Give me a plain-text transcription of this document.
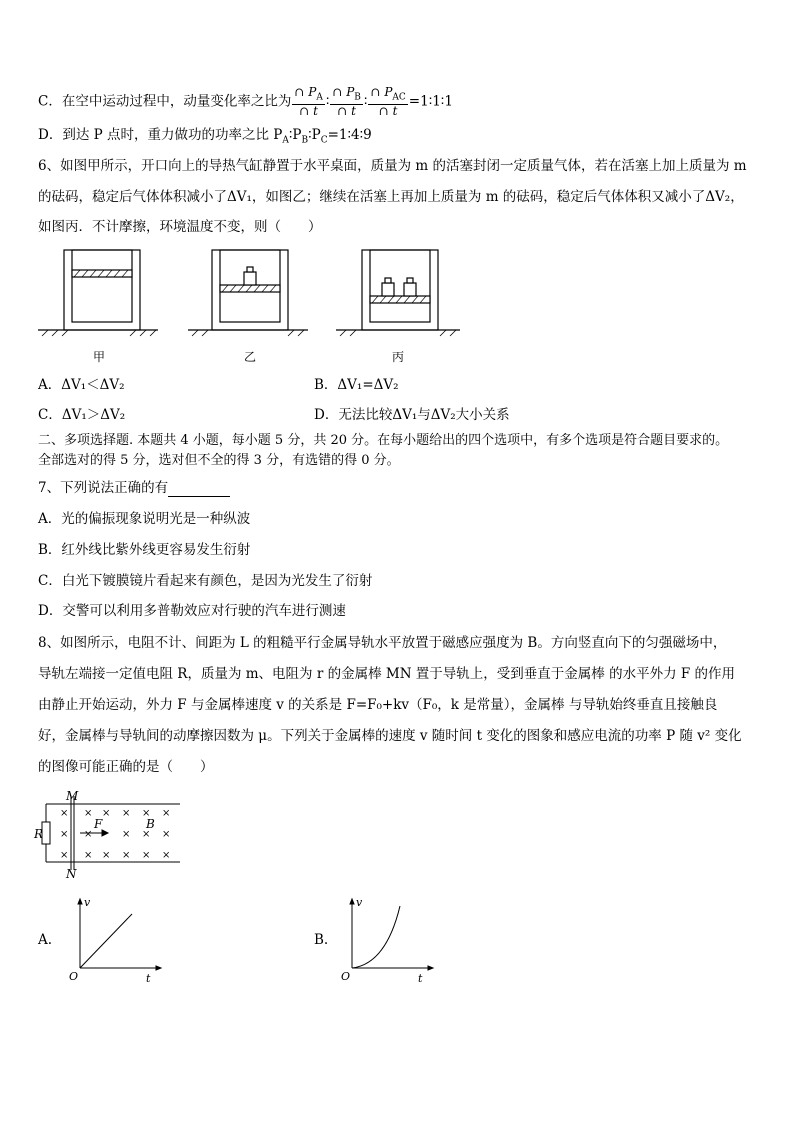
C．在空中运动过程中，动量变化率之比为 $\frac{\cap P_A}{\cap t}$ ∶ $\frac{\cap P_B}{\cap t}$ ∶ $\frac{\cap P_{AC}}{\cap t}$ =1∶1∶1
D．到达 P 点时，重力做功的功率之比 $P_A∶P_B∶P_C=1∶4∶9$
6、如图甲所示，开口向上的导热气缸静置于水平桌面，质量为 m 的活塞封闭一定质量气体，若在活塞上加上质量为 m
的砝码，稳定后气体体积减小了ΔV₁，如图乙；继续在活塞上再加上质量为 m 的砝码，稳定后气体体积又减小了ΔV₂，
如图丙．不计摩擦，环境温度不变，则（　　）
甲	乙	丙
A．ΔV₁＜ΔV₂	B．ΔV₁=ΔV₂
C．ΔV₁＞ΔV₂	D．无法比较ΔV₁与ΔV₂大小关系
二、多项选择题. 本题共 4 小题，每小题 5 分，共 20 分。在每小题给出的四个选项中，有多个选项是符合题目要求的。
全部选对的得 5 分，选对但不全的得 3 分，有选错的得 0 分。
7、下列说法正确的有
A．光的偏振现象说明光是一种纵波
B．红外线比紫外线更容易发生衍射
C．白光下镀膜镜片看起来有颜色，是因为光发生了衍射
D．交警可以利用多普勒效应对行驶的汽车进行测速
8、如图所示，电阻不计、间距为 L 的粗糙平行金属导轨水平放置于磁感应强度为 B。方向竖直向下的匀强磁场中，
导轨左端接一定值电阻 R，质量为 m、电阻为 r 的金属棒 MN 置于导轨上，受到垂直于金属棒 的水平外力 F 的作用
由静止开始运动，外力 F 与金属棒速度 v 的关系是 F=F₀+kv（F₀，k 是常量），金属棒 与导轨始终垂直且接触良
好，金属棒与导轨间的动摩擦因数为 μ。下列关于金属棒的速度 v 随时间 t 变化的图象和感应电流的功率 P 随 v² 变化
的图像可能正确的是（　　）
×
×
×
× × × × ×
×	× × ×
× × × × ×
M
N
R
F	B
A.
v
t
O
B.
v
t
O
